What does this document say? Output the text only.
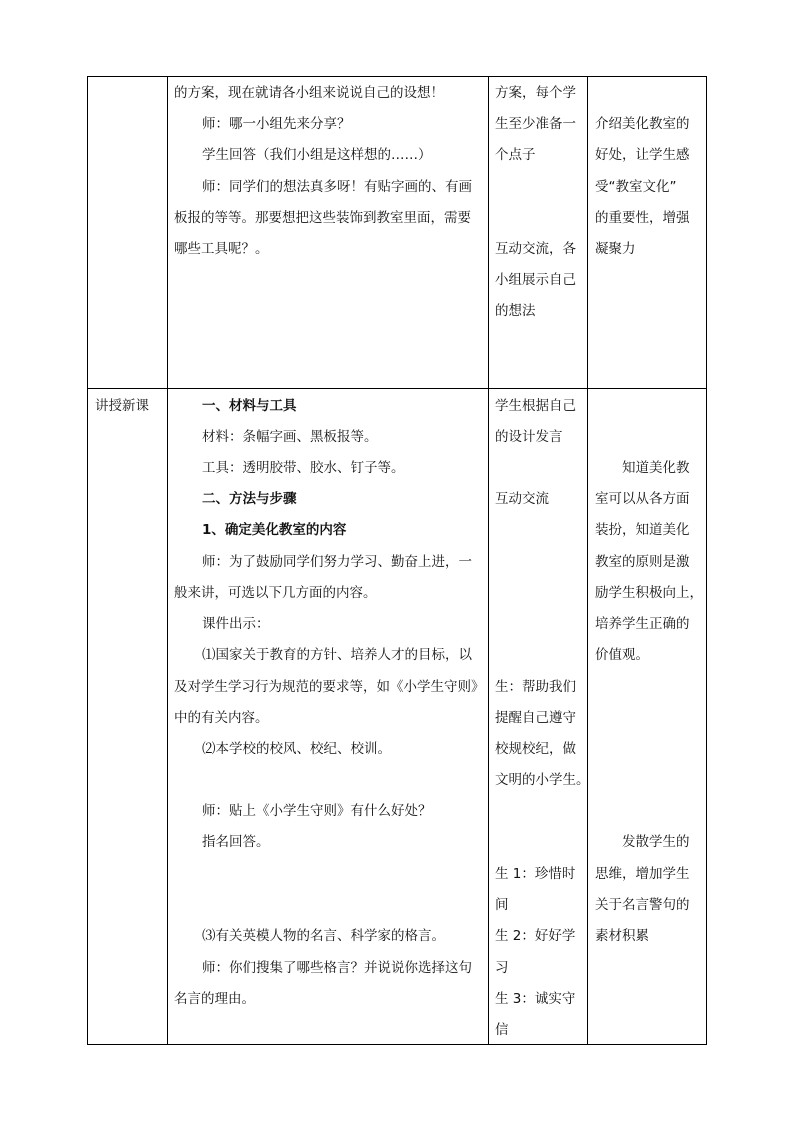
的方案，现在就请各小组来说说自己的设想！
师：哪一小组先来分享？
学生回答（我们小组是这样想的……）
师：同学们的想法真多呀！有贴字画的、有画
板报的等等。那要想把这些装饰到教室里面，需要
哪些工具呢？。
方案，每个学
生至少准备一
个点子
互动交流，各
小组展示自己
的想法
介绍美化教室的
好处，让学生感
受“教室文化”
的重要性，增强
凝聚力
讲授新课	一、材料与工具
材料：条幅字画、黑板报等。
工具：透明胶带、胶水、钉子等。
二、方法与步骤
1、确定美化教室的内容
师：为了鼓励同学们努力学习、勤奋上进，一
般来讲，可选以下几方面的内容。
课件出示：
⑴国家关于教育的方针、培养人才的目标，以
及对学生学习行为规范的要求等，如《小学生守则》
中的有关内容。
⑵本学校的校风、校纪、校训。
师：贴上《小学生守则》有什么好处？
指名回答。
⑶有关英模人物的名言、科学家的格言。
师：你们搜集了哪些格言？并说说你选择这句
名言的理由。
学生根据自己
的设计发言
互动交流
生：帮助我们
提醒自己遵守
校规校纪，做
文明的小学生。
生 1：珍惜时
间
生 2：好好学
习
生 3：诚实守
信
知道美化教
室可以从各方面
装扮，知道美化
教室的原则是激
励学生积极向上，
培养学生正确的
价值观。
发散学生的
思维，增加学生
关于名言警句的
素材积累
